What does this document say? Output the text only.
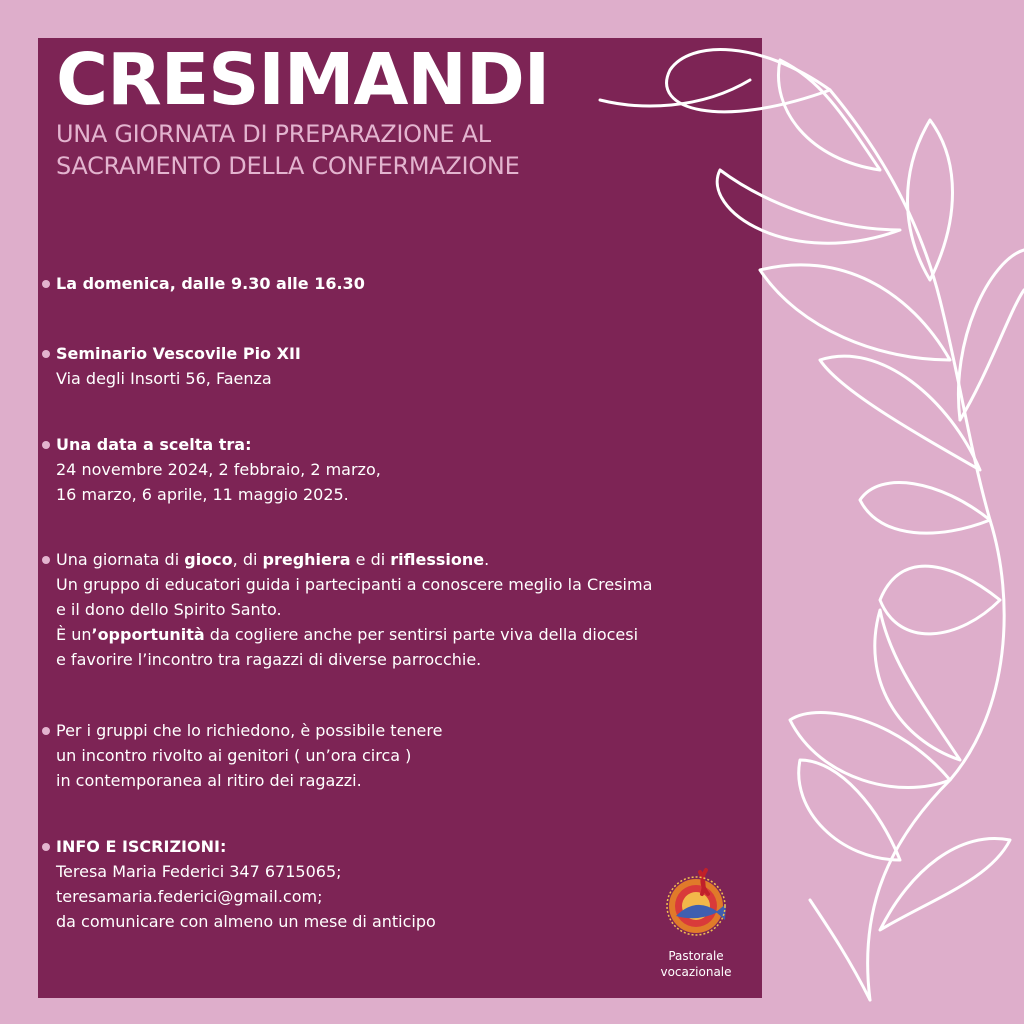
CRESIMANDI
UNA GIORNATA DI PREPARAZIONE AL
SACRAMENTO DELLA CONFERMAZIONE
La domenica, dalle 9.30 alle 16.30
Seminario Vescovile Pio XII
Via degli Insorti 56, Faenza
Una data a scelta tra:
24 novembre 2024, 2 febbraio, 2 marzo,
16 marzo, 6 aprile, 11 maggio 2025.
Una giornata di gioco, di preghiera e di riflessione.
Un gruppo di educatori guida i partecipanti a conoscere meglio la Cresima
e il dono dello Spirito Santo.
È un’opportunità da cogliere anche per sentirsi parte viva della diocesi
e favorire l’incontro tra ragazzi di diverse parrocchie.
Per i gruppi che lo richiedono, è possibile tenere
un incontro rivolto ai genitori ( un’ora circa )
in contemporanea al ritiro dei ragazzi.
INFO E ISCRIZIONI:
Teresa Maria Federici 347 6715065;
teresamaria.federici@gmail.com;
da comunicare con almeno un mese di anticipo
Pastorale
vocazionale
